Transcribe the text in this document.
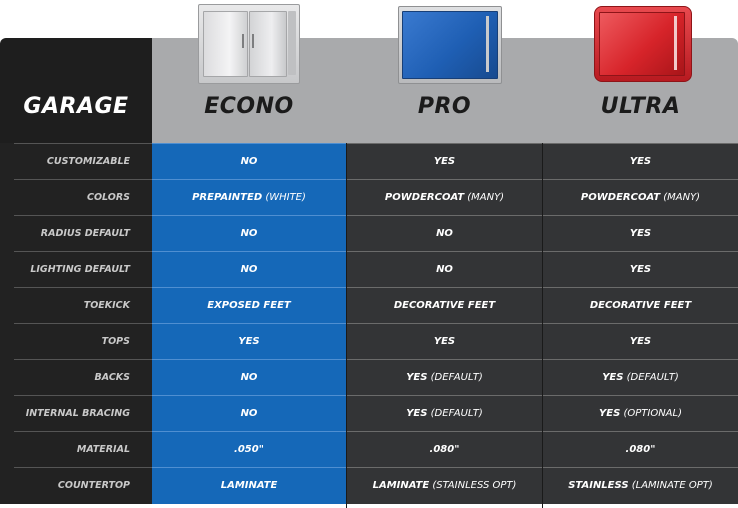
GARAGE	ECONO	PRO	ULTRA
CUSTOMIZABLE	NO	YES	YES
COLORS	PREPAINTED (WHITE)	POWDERCOAT (MANY)	POWDERCOAT (MANY)
RADIUS DEFAULT	NO	NO	YES
LIGHTING DEFAULT	NO	NO	YES
TOEKICK	EXPOSED FEET	DECORATIVE FEET	DECORATIVE FEET
TOPS	YES	YES	YES
BACKS	NO	YES (DEFAULT)	YES (DEFAULT)
INTERNAL BRACING	NO	YES (DEFAULT)	YES (OPTIONAL)
MATERIAL	.050"	.080"	.080"
COUNTERTOP	LAMINATE	LAMINATE (STAINLESS OPT)	STAINLESS (LAMINATE OPT)
